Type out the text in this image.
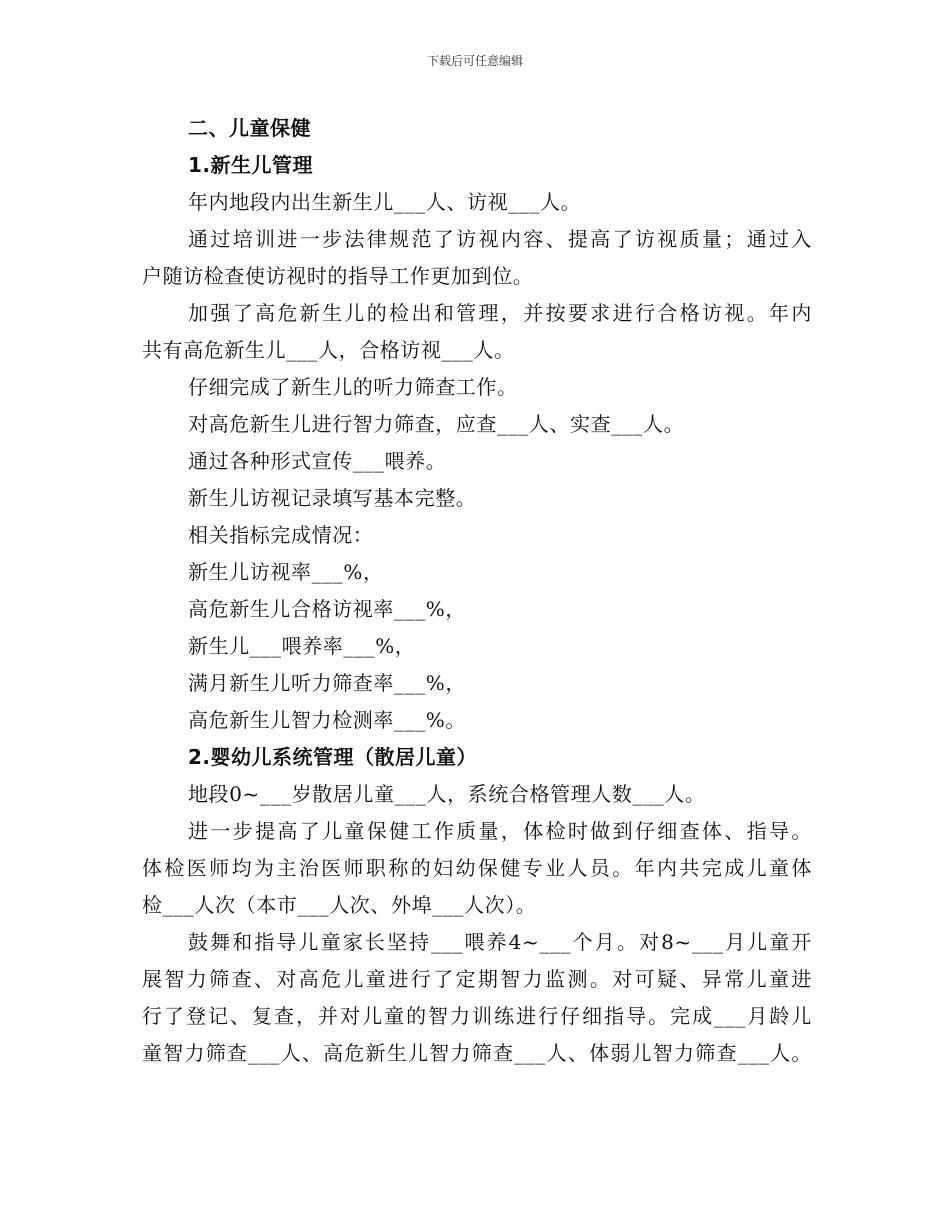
下载后可任意编辑
二、儿童保健
1.新生儿管理
年内地段内出生新生儿___人、访视___人。
通过培训进一步法律规范了访视内容、提高了访视质量；通过入
户随访检查使访视时的指导工作更加到位。
加强了高危新生儿的检出和管理，并按要求进行合格访视。年内
共有高危新生儿___人，合格访视___人。
仔细完成了新生儿的听力筛查工作。
对高危新生儿进行智力筛查，应查___人、实查___人。
通过各种形式宣传___喂养。
新生儿访视记录填写基本完整。
相关指标完成情况：
新生儿访视率___%，
高危新生儿合格访视率___%，
新生儿___喂养率___%，
满月新生儿听力筛查率___%，
高危新生儿智力检测率___%。
2.婴幼儿系统管理（散居儿童）
地段0~___岁散居儿童___人，系统合格管理人数___人。
进一步提高了儿童保健工作质量，体检时做到仔细查体、指导。
体检医师均为主治医师职称的妇幼保健专业人员。年内共完成儿童体
检___人次（本市___人次、外埠___人次）。
鼓舞和指导儿童家长坚持___喂养4~___个月。对8~___月儿童开
展智力筛查、对高危儿童进行了定期智力监测。对可疑、异常儿童进
行了登记、复查，并对儿童的智力训练进行仔细指导。完成___月龄儿
童智力筛查___人、高危新生儿智力筛查___人、体弱儿智力筛查___人。
